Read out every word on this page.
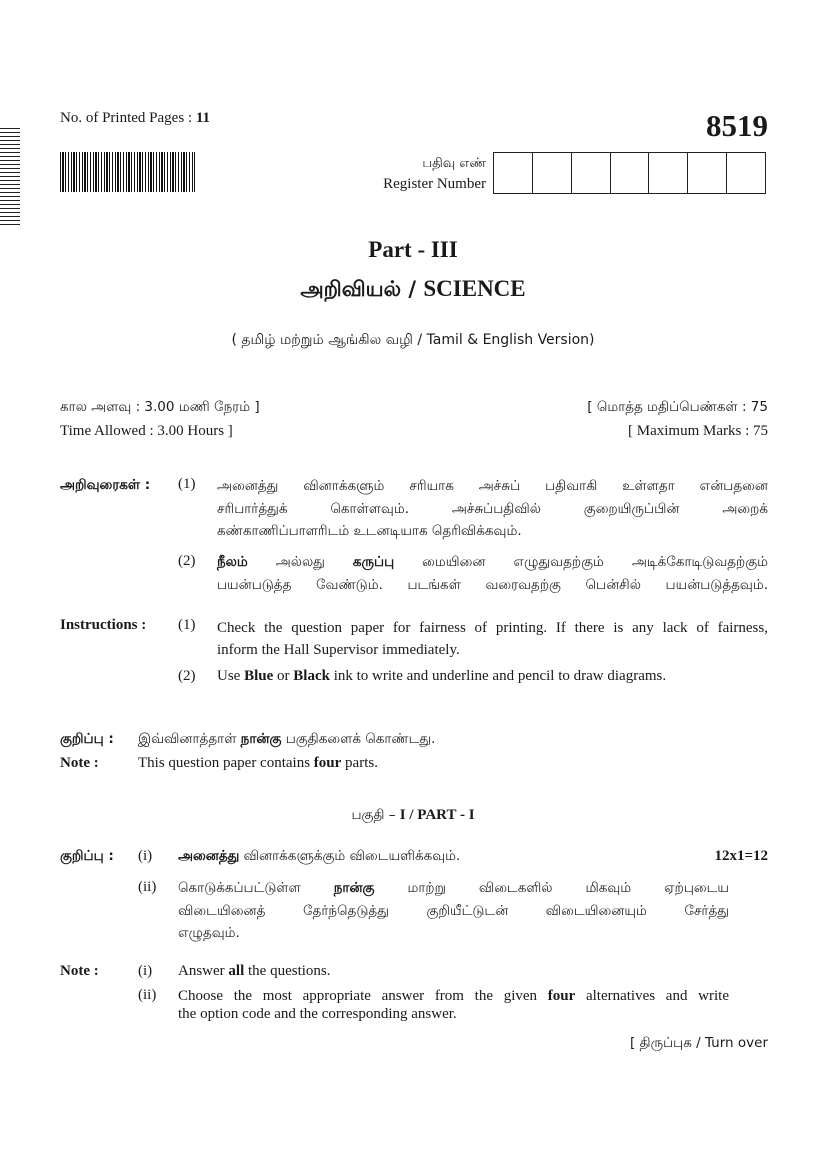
No. of Printed Pages : 11	8519
பதிவு எண்
Register Number
Part - III
அறிவியல் / SCIENCE
( தமிழ் மற்றும் ஆங்கில வழி / Tamil & English Version)
கால அளவு : 3.00 மணி நேரம் ]
Time Allowed : 3.00 Hours ]
[ மொத்த மதிப்பெண்கள் : 75
[ Maximum Marks : 75
அறிவுரைகள் : (1) அனைத்து வினாக்களும் சரியாக அச்சுப் பதிவாகி உள்ளதா என்பதனை
சரிபார்த்துக் கொள்ளவும். அச்சுப்பதிவில் குறையிருப்பின் அறைக்
கண்காணிப்பாளரிடம் உடனடியாக தெரிவிக்கவும்.
(2) நீலம் அல்லது கருப்பு மையினை எழுதுவதற்கும் அடிக்கோடிடுவதற்கும்
பயன்படுத்த வேண்டும். படங்கள் வரைவதற்கு பென்சில் பயன்படுத்தவும்.
Instructions : (1) Check the question paper for fairness of printing. If there is any lack of fairness,
inform the Hall Supervisor immediately.
(2) Use Blue or Black ink to write and underline and pencil to draw diagrams.
குறிப்பு : இவ்வினாத்தாள் நான்கு பகுதிகளைக் கொண்டது.
Note :	This question paper contains four parts.
பகுதி – I / PART - I
குறிப்பு : (i) அனைத்து வினாக்களுக்கும் விடையளிக்கவும்.	12x1=12
(ii) கொடுக்கப்பட்டுள்ள நான்கு மாற்று விடைகளில் மிகவும் ஏற்புடைய
விடையினைத் தேர்ந்தெடுத்து குறியீட்டுடன் விடையினையும் சேர்த்து
எழுதவும்.
Note :	(i) Answer all the questions.
(ii) Choose the most appropriate answer from the given four alternatives and write
the option code and the corresponding answer.
[ திருப்புக / Turn over
